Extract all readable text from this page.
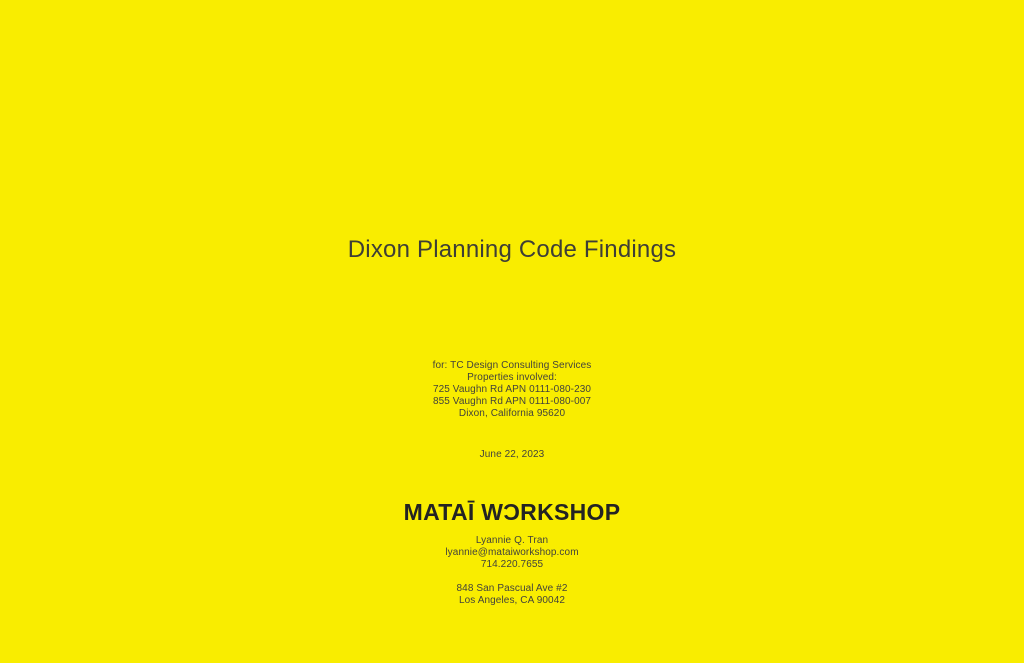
Dixon Planning Code Findings
for: TC Design Consulting Services
Properties involved:
725 Vaughn Rd APN 0111-080-230
855 Vaughn Rd APN 0111-080-007
Dixon, California 95620
June 22, 2023
MATAĪ WƆRKSHOP
Lyannie Q. Tran
lyannie@mataiworkshop.com
714.220.7655
848 San Pascual Ave #2
Los Angeles, CA 90042
